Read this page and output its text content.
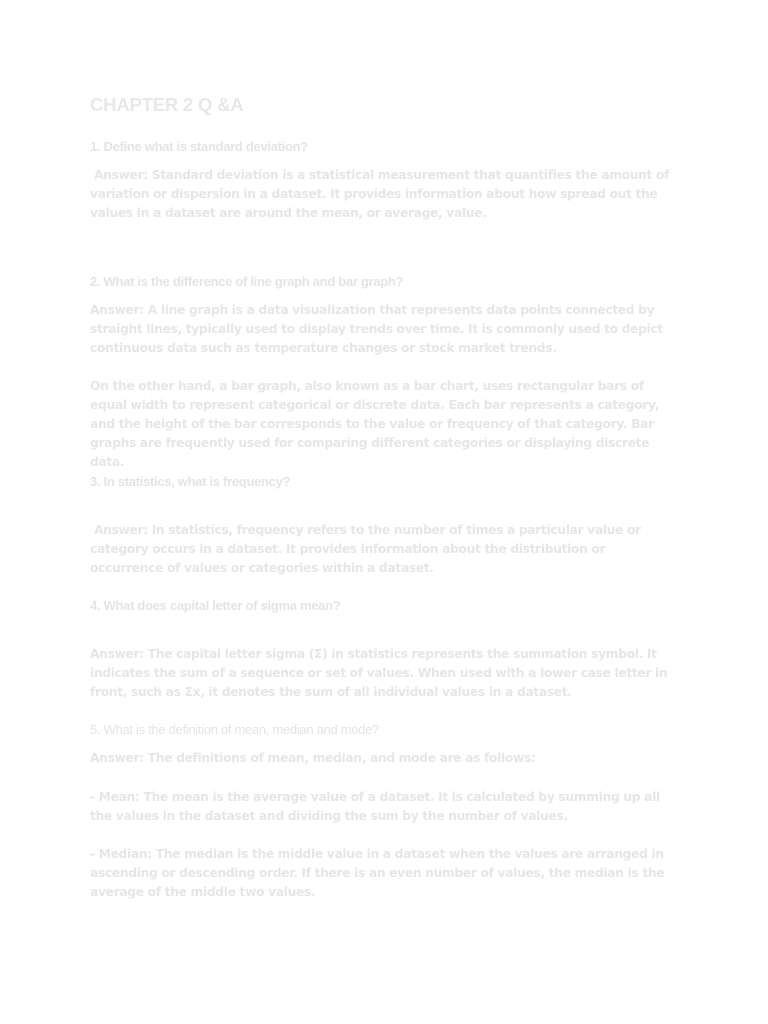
CHAPTER 2 Q &A

1. Define what is standard deviation?

Answer: Standard deviation is a statistical measurement that quantifies the amount of variation or dispersion in a dataset. It provides information about how spread out the values in a dataset are around the mean, or average, value.

2. What is the difference of line graph and bar graph?

Answer: A line graph is a data visualization that represents data points connected by straight lines, typically used to display trends over time. It is commonly used to depict continuous data such as temperature changes or stock market trends.

On the other hand, a bar graph, also known as a bar chart, uses rectangular bars of equal width to represent categorical or discrete data. Each bar represents a category, and the height of the bar corresponds to the value or frequency of that category. Bar graphs are frequently used for comparing different categories or displaying discrete data.

3. In statistics, what is frequency?

Answer: In statistics, frequency refers to the number of times a particular value or category occurs in a dataset. It provides information about the distribution or occurrence of values or categories within a dataset.

4. What does capital letter of sigma mean?

Answer: The capital letter sigma (Σ) in statistics represents the summation symbol. It indicates the sum of a sequence or set of values. When used with a lower case letter in front, such as Σx, it denotes the sum of all individual values in a dataset.

5. What is the definition of mean, median and mode?

Answer: The definitions of mean, median, and mode are as follows:

- Mean: The mean is the average value of a dataset. It is calculated by summing up all the values in the dataset and dividing the sum by the number of values.

- Median: The median is the middle value in a dataset when the values are arranged in ascending or descending order. If there is an even number of values, the median is the average of the middle two values.
